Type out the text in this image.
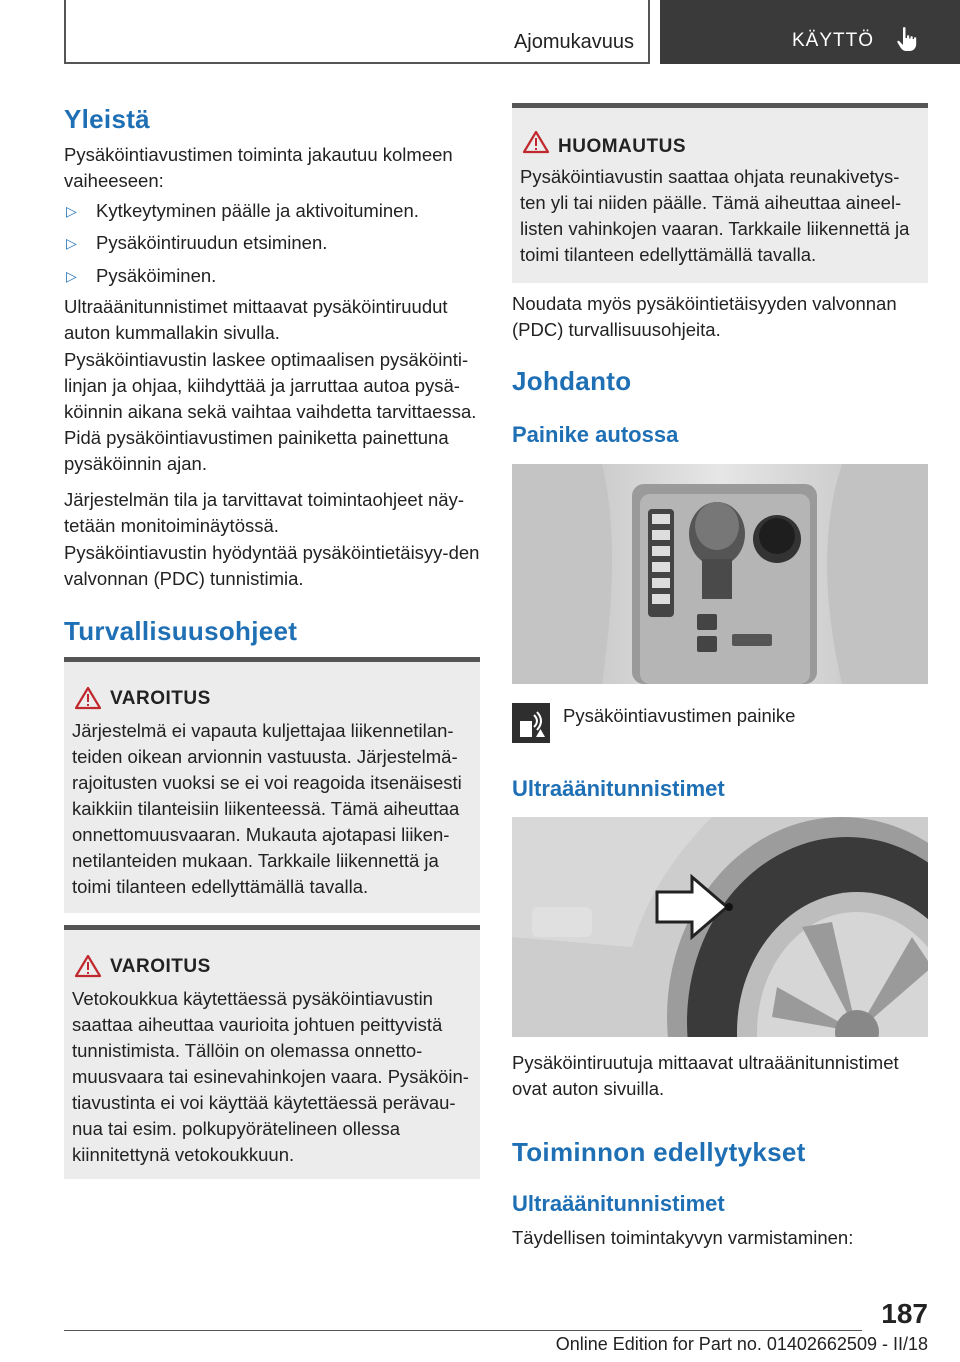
Ajomukavuus	KÄYTTÖ
Yleistä
Pysäköintiavustimen toiminta jakautuu kolmeen vaiheeseen:
▷ Kytkeytyminen päälle ja aktivoituminen.
▷ Pysäköintiruudun etsiminen.
▷ Pysäköiminen.
Ultraäänitunnistimet mittaavat pysäköintiruudut auton kummallakin sivulla.
Pysäköintiavustin laskee optimaalisen pysäköinti-linjan ja ohjaa, kiihdyttää ja jarruttaa autoa pysä-köinnin aikana sekä vaihtaa vaihdetta tarvittaessa. Pidä pysäköintiavustimen painiketta painettuna pysäköinnin ajan.
Järjestelmän tila ja tarvittavat toimintaohjeet näy-tetään monitoiminäytössä.
Pysäköintiavustin hyödyntää pysäköintietäisyy-den valvonnan (PDC) tunnistimia.
Turvallisuusohjeet
VAROITUS
Järjestelmä ei vapauta kuljettajaa liikennetilan-teiden oikean arvionnin vastuusta. Järjestelmä-rajoitusten vuoksi se ei voi reagoida itsenäisesti kaikkiin tilanteisiin liikenteessä. Tämä aiheuttaa onnettomuusvaaran. Mukauta ajotapasi liiken-netilanteiden mukaan. Tarkkaile liikennettä ja toimi tilanteen edellyttämällä tavalla.
VAROITUS
Vetokoukkua käytettäessä pysäköintiavustin saattaa aiheuttaa vaurioita johtuen peittyvistä tunnistimista. Tällöin on olemassa onnetto-muusvaara tai esinevahinkojen vaara. Pysäköin-tiavustinta ei voi käyttää käytettäessä perävau-nua tai esim. polkupyörätelineen ollessa kiinnitettynä vetokoukkuun.
HUOMAUTUS
Pysäköintiavustin saattaa ohjata reunakivetys-ten yli tai niiden päälle. Tämä aiheuttaa aineel-listen vahinkojen vaaran. Tarkkaile liikennettä ja toimi tilanteen edellyttämällä tavalla.
Noudata myös pysäköintietäisyyden valvonnan (PDC) turvallisuusohjeita.
Johdanto
Painike autossa
Pysäköintiavustimen painike
Ultraäänitunnistimet
Pysäköintiruutuja mittaavat ultraäänitunnistimet ovat auton sivuilla.
Toiminnon edellytykset
Ultraäänitunnistimet
Täydellisen toimintakyvyn varmistaminen:
187
Online Edition for Part no. 01402662509 - II/18
